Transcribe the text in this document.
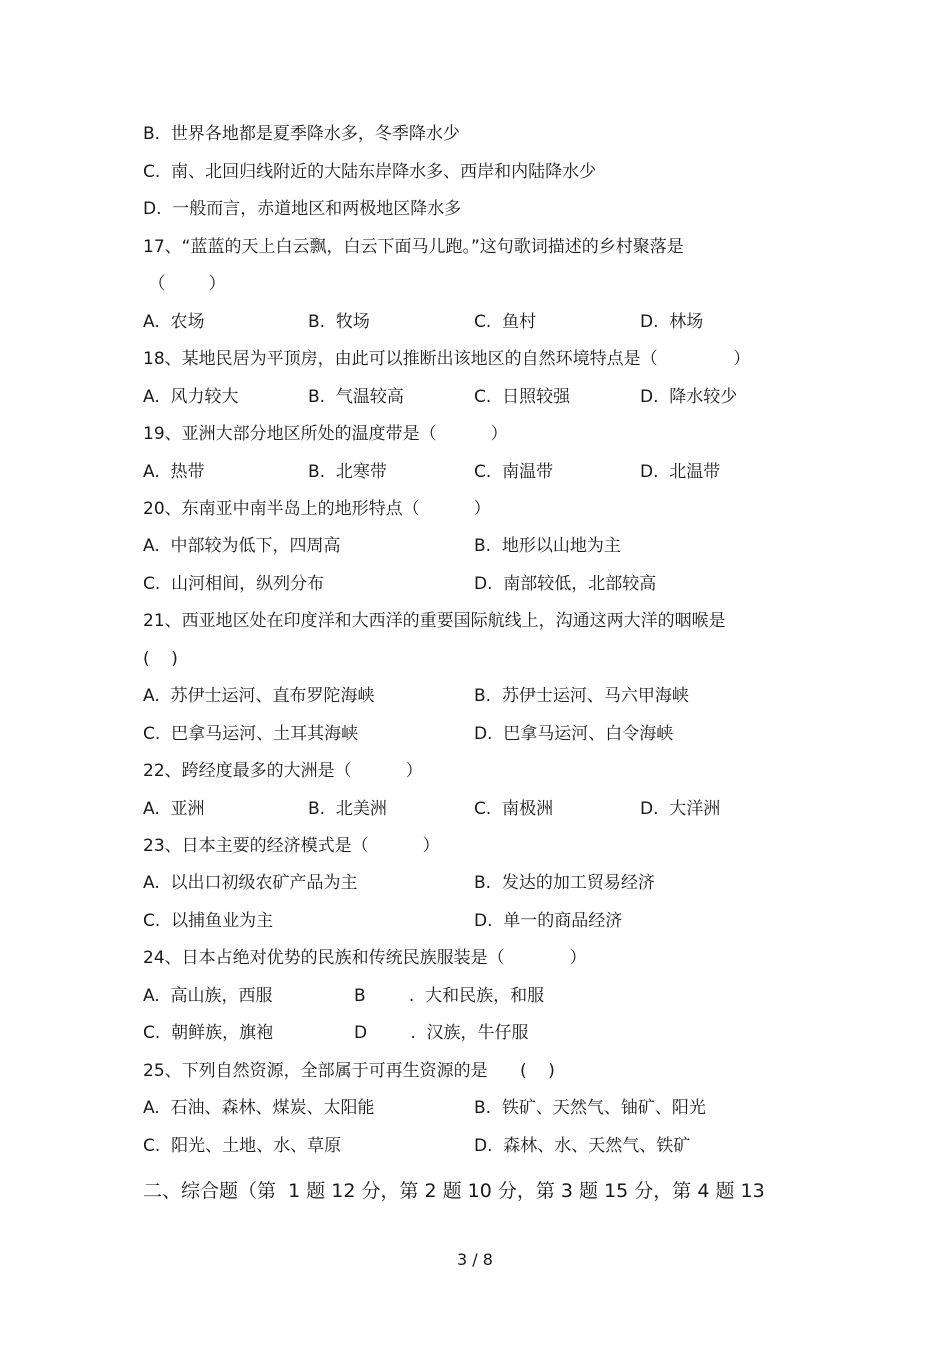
B.  世界各地都是夏季降水多，冬季降水少
C.  南、北回归线附近的大陆东岸降水多、西岸和内陆降水少
D.  一般而言，赤道地区和两极地区降水多
17、“蓝蓝的天上白云飘，白云下面马儿跑。”这句歌词描述的乡村聚落是
（        ）
A.  农场	B.  牧场	C.  鱼村	D.  林场
18、某地民居为平顶房，由此可以推断出该地区的自然环境特点是（              ）
A.  风力较大	B.  气温较高	C.  日照较强	D.  降水较少
19、亚洲大部分地区所处的温度带是（          ）
A.  热带	B.  北寒带	C.  南温带	D.  北温带
20、东南亚中南半岛上的地形特点（          ）
A.  中部较为低下，四周高	B.  地形以山地为主
C.  山河相间，纵列分布	D.  南部较低，北部较高
21、西亚地区处在印度洋和大西洋的重要国际航线上，沟通这两大洋的咽喉是
(    )
A.  苏伊士运河、直布罗陀海峡	B.  苏伊士运河、马六甲海峡
C.  巴拿马运河、土耳其海峡	D.  巴拿马运河、白令海峡
22、跨经度最多的大洲是（          ）
A.  亚洲	B.  北美洲	C.  南极洲	D.  大洋洲
23、日本主要的经济模式是（          ）
A.  以出口初级农矿产品为主	B.  发达的加工贸易经济
C.  以捕鱼业为主	D.  单一的商品经济
24、日本占绝对优势的民族和传统民族服装是（            ）
A.  高山族，西服	B        .  大和民族，和服
C.  朝鲜族，旗袍	D        .  汉族，牛仔服
25、下列自然资源，全部属于可再生资源的是      (    )
A.  石油、森林、煤炭、太阳能	B.  铁矿、天然气、铀矿、阳光
C.  阳光、土地、水、草原	D.  森林、水、天然气、铁矿
二、综合题（第  1 题 12 分，第 2 题 10 分，第 3 题 15 分，第 4 题 13
3 / 8
